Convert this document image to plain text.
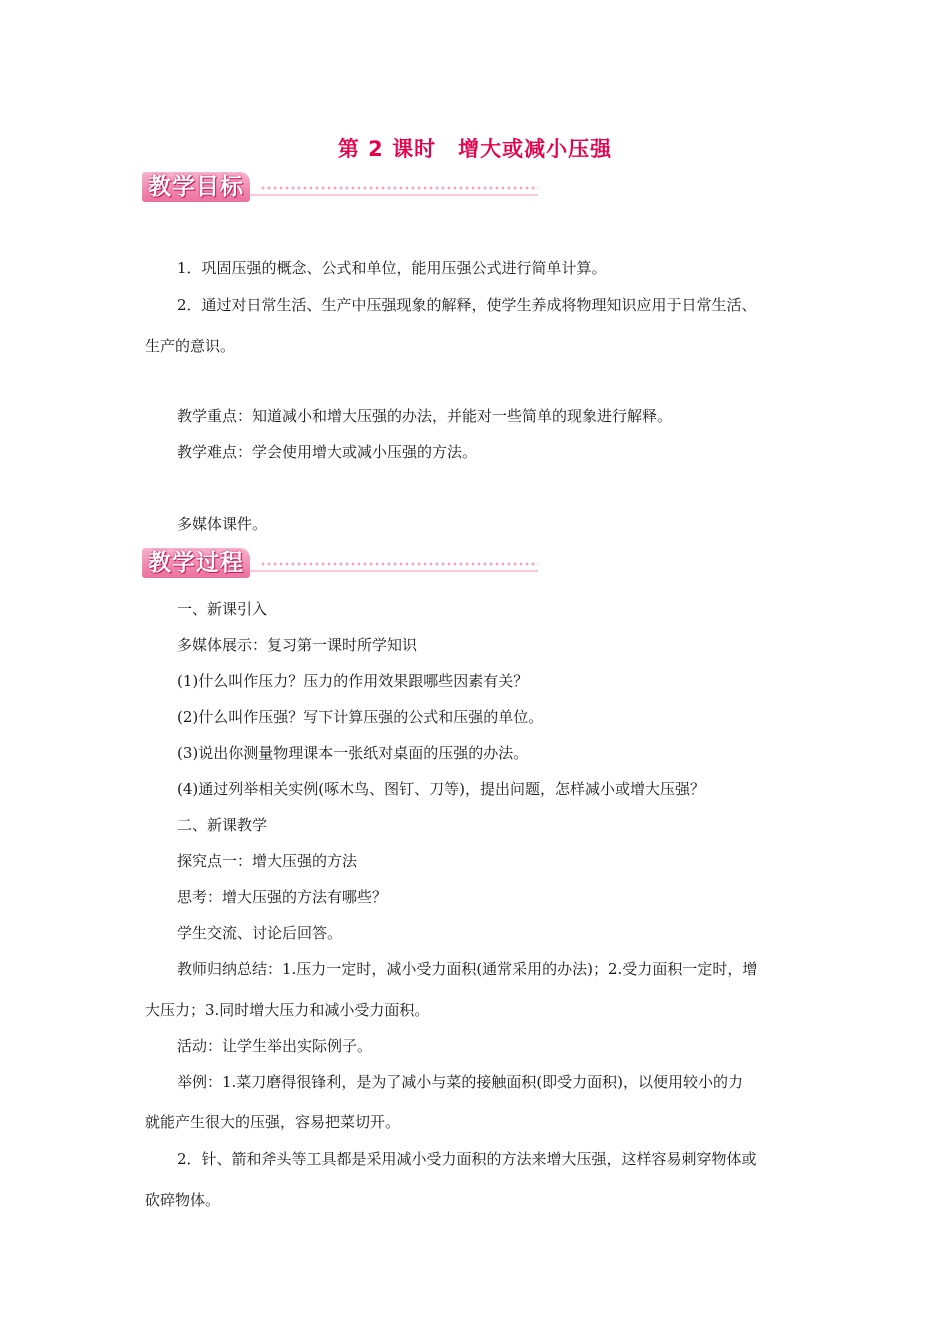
第 2 课时　增大或减小压强
教学目标
1．巩固压强的概念、公式和单位，能用压强公式进行简单计算。
2．通过对日常生活、生产中压强现象的解释，使学生养成将物理知识应用于日常生活、
生产的意识。
教学重点：知道减小和增大压强的办法，并能对一些简单的现象进行解释。
教学难点：学会使用增大或减小压强的方法。
多媒体课件。
教学过程
一、新课引入
多媒体展示：复习第一课时所学知识
(1)什么叫作压力？压力的作用效果跟哪些因素有关？
(2)什么叫作压强？写下计算压强的公式和压强的单位。
(3)说出你测量物理课本一张纸对桌面的压强的办法。
(4)通过列举相关实例(啄木鸟、图钉、刀等)，提出问题，怎样减小或增大压强？
二、新课教学
探究点一：增大压强的方法
思考：增大压强的方法有哪些？
学生交流、讨论后回答。
教师归纳总结：1.压力一定时，减小受力面积(通常采用的办法)；2.受力面积一定时，增
大压力；3.同时增大压力和减小受力面积。
活动：让学生举出实际例子。
举例：1.菜刀磨得很锋利，是为了减小与菜的接触面积(即受力面积)，以便用较小的力
就能产生很大的压强，容易把菜切开。
2．针、箭和斧头等工具都是采用减小受力面积的方法来增大压强，这样容易刺穿物体或
砍碎物体。
